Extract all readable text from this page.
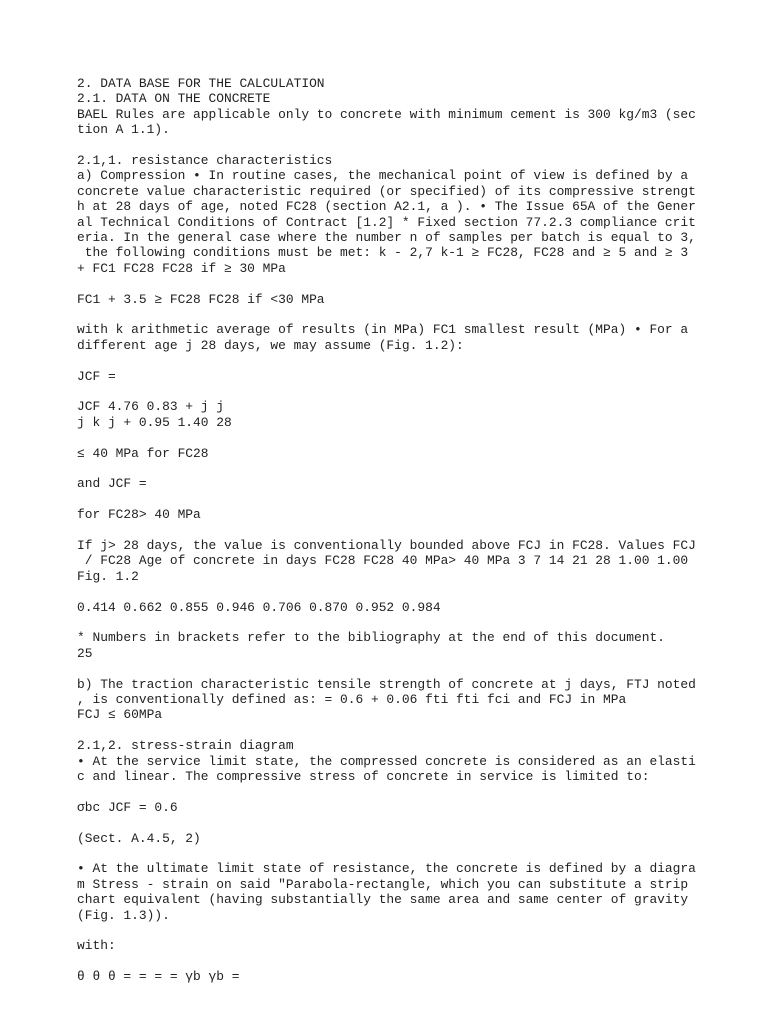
2. DATA BASE FOR THE CALCULATION
2.1. DATA ON THE CONCRETE
BAEL Rules are applicable only to concrete with minimum cement is 300 kg/m3 (sec
tion A 1.1).
2.1,1. resistance characteristics
a) Compression • In routine cases, the mechanical point of view is defined by a
concrete value characteristic required (or specified) of its compressive strengt
h at 28 days of age, noted FC28 (section A2.1, a ). • The Issue 65A of the Gener
al Technical Conditions of Contract [1.2] * Fixed section 77.2.3 compliance crit
eria. In the general case where the number n of samples per batch is equal to 3,
the following conditions must be met: k - 2,7 k-1 ≥ FC28, FC28 and ≥ 5 and ≥ 3
+ FC1 FC28 FC28 if ≥ 30 MPa
FC1 + 3.5 ≥ FC28 FC28 if <30 MPa
with k arithmetic average of results (in MPa) FC1 smallest result (MPa) • For a
different age j 28 days, we may assume (Fig. 1.2):
JCF =
JCF 4.76 0.83 + j j
j k j + 0.95 1.40 28
≤ 40 MPa for FC28
and JCF =
for FC28> 40 MPa
If j> 28 days, the value is conventionally bounded above FCJ in FC28. Values FCJ
/ FC28 Age of concrete in days FC28 FC28 40 MPa> 40 MPa 3 7 14 21 28 1.00 1.00
Fig. 1.2
0.414 0.662 0.855 0.946 0.706 0.870 0.952 0.984
* Numbers in brackets refer to the bibliography at the end of this document.
25
b) The traction characteristic tensile strength of concrete at j days, FTJ noted
, is conventionally defined as: = 0.6 + 0.06 fti fti fci and FCJ in MPa
FCJ ≤ 60MPa
2.1,2. stress-strain diagram
• At the service limit state, the compressed concrete is considered as an elasti
c and linear. The compressive stress of concrete in service is limited to:
σbc JCF = 0.6
(Sect. A.4.5, 2)
• At the ultimate limit state of resistance, the concrete is defined by a diagra
m Stress - strain on said "Parabola-rectangle, which you can substitute a strip
chart equivalent (having substantially the same area and same center of gravity
(Fig. 1.3)).
with:
θ θ θ = = = = γb γb =
